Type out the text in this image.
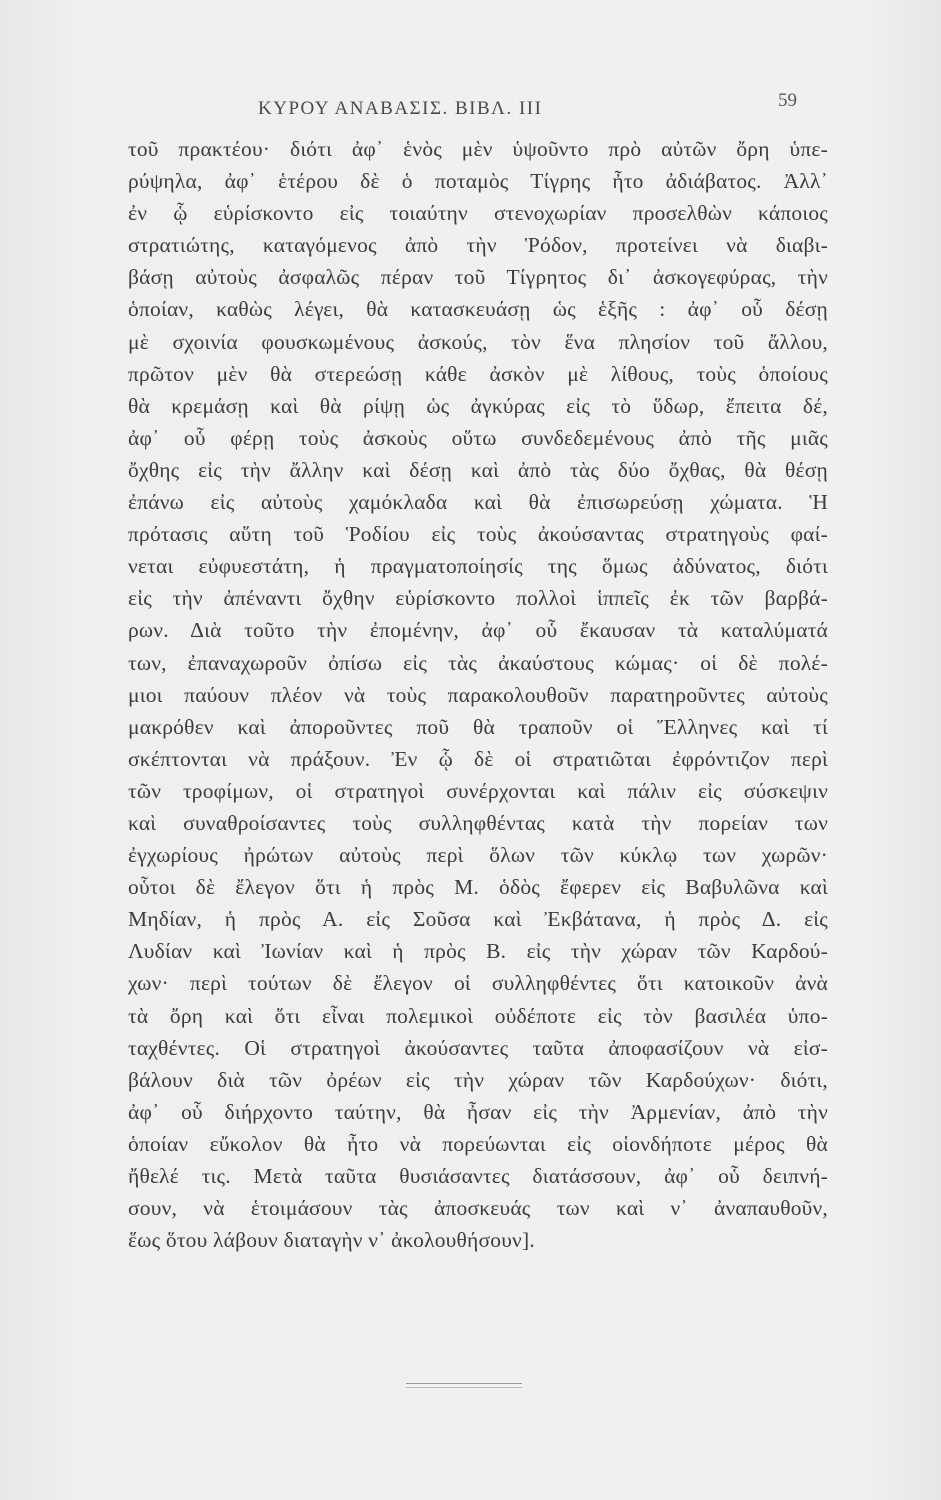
ΚΥΡΟΥ ΑΝΑΒΑΣΙΣ. ΒΙΒΛ. III	59
τοῦ πρακτέου· διότι ἀφ᾽ ἑνὸς μὲν ὑψοῦντο πρὸ αὐτῶν ὄρη ὑπε-
ρύψηλα, ἀφ᾽ ἑτέρου δὲ ὁ ποταμὸς Τίγρης ἦτο ἀδιάβατος. Ἀλλ᾽
ἐν ᾧ εὑρίσκοντο εἰς τοιαύτην στενοχωρίαν προσελθὼν κάποιος
στρατιώτης, καταγόμενος ἀπὸ τὴν Ῥόδον, προτείνει νὰ διαβι-
βάσῃ αὐτοὺς ἀσφαλῶς πέραν τοῦ Τίγρητος δι᾽ ἀσκογεφύρας, τὴν
ὁποίαν, καθὼς λέγει, θὰ κατασκευάσῃ ὡς ἑξῆς : ἀφ᾽ οὗ δέσῃ
μὲ σχοινία φουσκωμένους ἀσκούς, τὸν ἕνα πλησίον τοῦ ἄλλου,
πρῶτον μὲν θὰ στερεώσῃ κάθε ἀσκὸν μὲ λίθους, τοὺς ὁποίους
θὰ κρεμάσῃ καὶ θὰ ρίψῃ ὡς ἀγκύρας εἰς τὸ ὕδωρ, ἔπειτα δέ,
ἀφ᾽ οὗ φέρῃ τοὺς ἀσκοὺς οὕτω συνδεδεμένους ἀπὸ τῆς μιᾶς
ὄχθης εἰς τὴν ἄλλην καὶ δέσῃ καὶ ἀπὸ τὰς δύο ὄχθας, θὰ θέσῃ
ἐπάνω εἰς αὐτοὺς χαμόκλαδα καὶ θὰ ἐπισωρεύσῃ χώματα. Ἡ
πρότασις αὕτη τοῦ Ῥοδίου εἰς τοὺς ἀκούσαντας στρατηγοὺς φαί-
νεται εὐφυεστάτη, ἡ πραγματοποίησίς της ὅμως ἀδύνατος, διότι
εἰς τὴν ἀπέναντι ὄχθην εὑρίσκοντο πολλοὶ ἱππεῖς ἐκ τῶν βαρβά-
ρων. Διὰ τοῦτο τὴν ἐπομένην, ἀφ᾽ οὗ ἔκαυσαν τὰ καταλύματά
των, ἐπαναχωροῦν ὀπίσω εἰς τὰς ἀκαύστους κώμας· οἱ δὲ πολέ-
μιοι παύουν πλέον νὰ τοὺς παρακολουθοῦν παρατηροῦντες αὐτοὺς
μακρόθεν καὶ ἀποροῦντες ποῦ θὰ τραποῦν οἱ Ἕλληνες καὶ τί
σκέπτονται νὰ πράξουν. Ἐν ᾧ δὲ οἱ στρατιῶται ἐφρόντιζον περὶ
τῶν τροφίμων, οἱ στρατηγοὶ συνέρχονται καὶ πάλιν εἰς σύσκεψιν
καὶ συναθροίσαντες τοὺς συλληφθέντας κατὰ τὴν πορείαν των
ἐγχωρίους ἠρώτων αὐτοὺς περὶ ὅλων τῶν κύκλῳ των χωρῶν·
οὗτοι δὲ ἔλεγον ὅτι ἡ πρὸς Μ. ὁδὸς ἔφερεν εἰς Βαβυλῶνα καὶ
Μηδίαν, ἡ πρὸς Α. εἰς Σοῦσα καὶ Ἐκβάτανα, ἡ πρὸς Δ. εἰς
Λυδίαν καὶ Ἰωνίαν καὶ ἡ πρὸς Β. εἰς τὴν χώραν τῶν Καρδού-
χων· περὶ τούτων δὲ ἔλεγον οἱ συλληφθέντες ὅτι κατοικοῦν ἀνὰ
τὰ ὄρη καὶ ὅτι εἶναι πολεμικοὶ οὐδέποτε εἰς τὸν βασιλέα ὑπο-
ταχθέντες. Οἱ στρατηγοὶ ἀκούσαντες ταῦτα ἀποφασίζουν νὰ εἰσ-
βάλουν διὰ τῶν ὀρέων εἰς τὴν χώραν τῶν Καρδούχων· διότι,
ἀφ᾽ οὗ διήρχοντο ταύτην, θὰ ἦσαν εἰς τὴν Ἀρμενίαν, ἀπὸ τὴν
ὁποίαν εὔκολον θὰ ἦτο νὰ πορεύωνται εἰς οἱονδήποτε μέρος θὰ
ἤθελέ τις. Μετὰ ταῦτα θυσιάσαντες διατάσσουν, ἀφ᾽ οὗ δειπνή-
σουν, νὰ ἑτοιμάσουν τὰς ἀποσκευάς των καὶ ν᾽ ἀναπαυθοῦν,
ἕως ὅτου λάβουν διαταγὴν ν᾽ ἀκολουθήσουν].
